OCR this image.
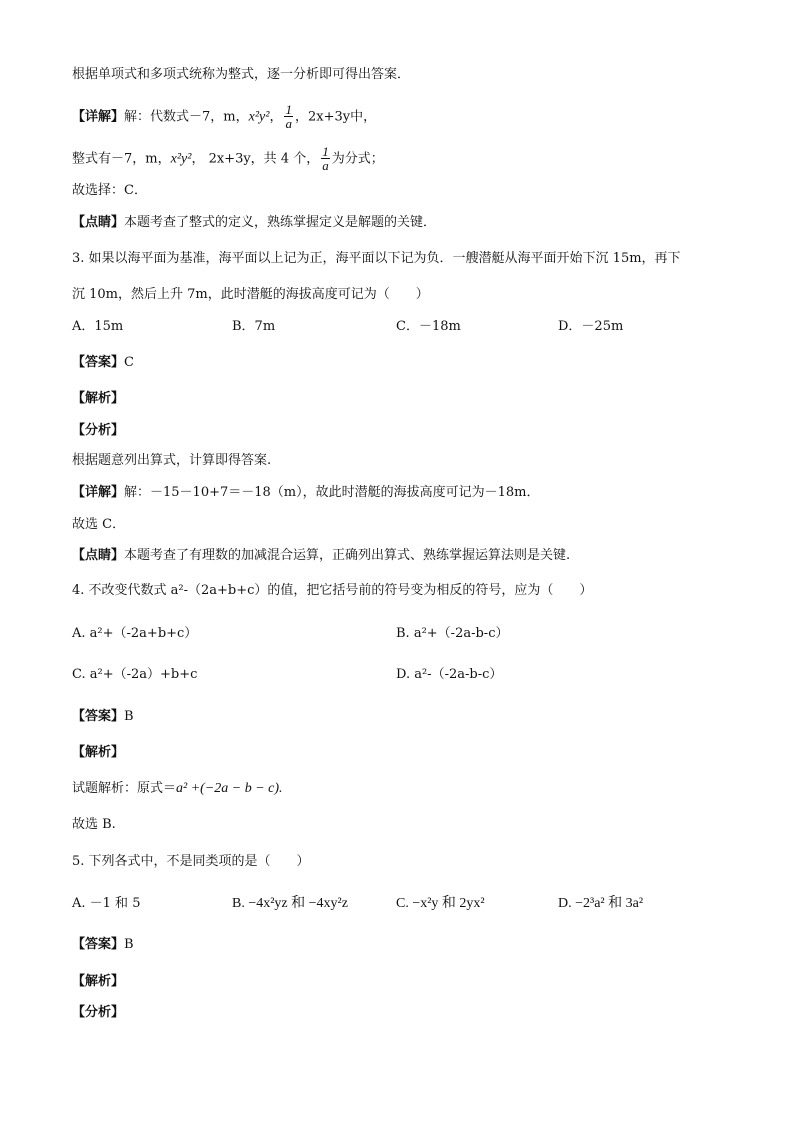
根据单项式和多项式统称为整式，逐一分析即可得出答案．
【详解】解：代数式－7，m，x²y²， $\frac{1}{a}$ ，2x+3y中，
整式有－7，m，x²y²， 2x+3y，共 4 个， $\frac{1}{a}$ 为分式；
故选择：C．
【点睛】本题考查了整式的定义，熟练掌握定义是解题的关键．
3. 如果以海平面为基准，海平面以上记为正，海平面以下记为负．一艘潜艇从海平面开始下沉 15m，再下
沉 10m，然后上升 7m，此时潜艇的海拔高度可记为（　　）
A．15m	B．7m	C．－18m	D．－25m
【答案】C
【解析】
【分析】
根据题意列出算式，计算即得答案.
【详解】解：－15－10+7＝－18（m），故此时潜艇的海拔高度可记为－18m．
故选 C．
【点睛】本题考查了有理数的加减混合运算，正确列出算式、熟练掌握运算法则是关键.
4. 不改变代数式 a²-（2a+b+c）的值，把它括号前的符号变为相反的符号，应为（　　）
A. a²+（-2a+b+c）	B. a²+（-2a-b-c）
C. a²+（-2a）+b+c	D. a²-（-2a-b-c）
【答案】B
【解析】
试题解析：原式＝a² +(−2a − b − c).
故选 B.
5. 下列各式中，不是同类项的是（　　）
A. －1 和 5	B. −4x²yz 和 −4xy²z	C. −x²y 和 2yx²	D. −2³a² 和 3a²
【答案】B
【解析】
【分析】
